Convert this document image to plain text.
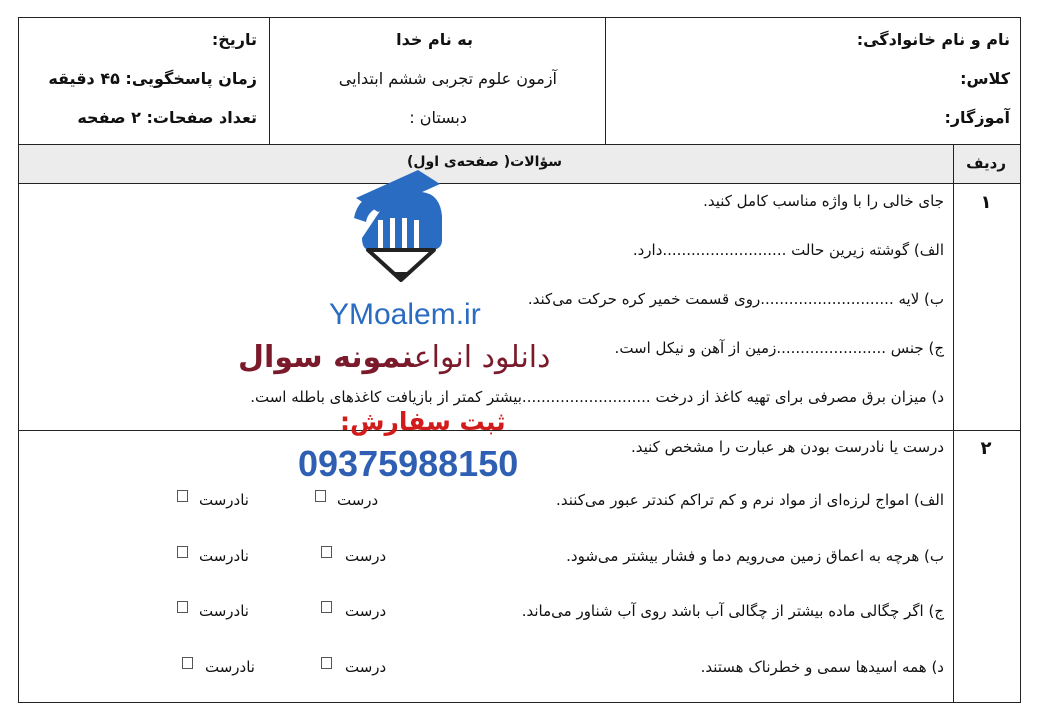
نام و نام خانوادگی:
کلاس:
آموزگار:
به نام خدا
آزمون علوم تجربی ششم ابتدایی
دبستان :
تاریخ:
زمان پاسخگویی: ۴۵ دقیقه
تعداد صفحات: ۲ صفحه
ردیف
سؤالات( صفحه‌ی اول)
۱
جای خالی را با واژه مناسب کامل کنید.
الف) گوشته زیرین حالت ..........................دارد.
ب) لایه ............................روی قسمت خمیر کره حرکت می‌کند.
ج) جنس .......................زمین از آهن و نیکل است.
د) میزان برق مصرفی برای تهیه کاغذ از درخت ...........................بیشتر کمتر از بازیافت کاغذهای باطله است.
۲
درست یا نادرست بودن هر عبارت را مشخص کنید.
الف) امواج لرزه‌ای از مواد نرم و کم تراکم کندتر عبور می‌کنند.
درست
نادرست
ب) هرچه به اعماق زمین می‌رویم دما و فشار بیشتر می‌شود.
درست
نادرست
ج) اگر چگالی ماده بیشتر از چگالی آب باشد روی آب شناور می‌ماند.
درست
نادرست
د) همه اسیدها سمی و خطرناک هستند.
درست
نادرست
YMoalem.ir
دانلود انواعنمونه سوال
ثبت سفارش:
09375988150
